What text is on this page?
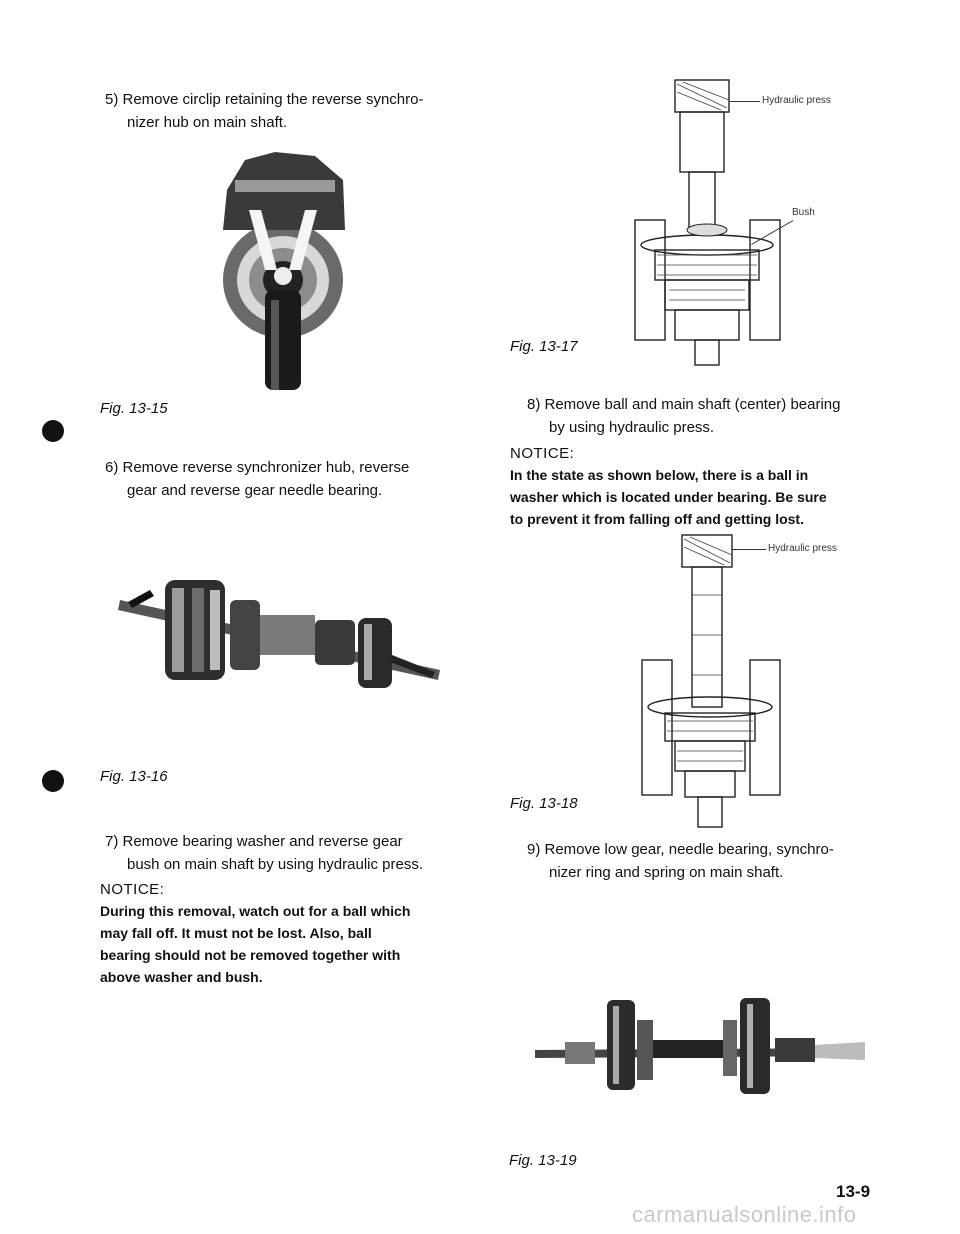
5) Remove circlip retaining the reverse synchro-
nizer hub on main shaft.
Fig. 13-15
6) Remove reverse synchronizer hub, reverse
gear and reverse gear needle bearing.
Fig. 13-16
7) Remove bearing washer and reverse gear
bush on main shaft by using hydraulic press.
NOTICE:
During this removal, watch out for a ball which
may fall off. It must not be lost. Also, ball
bearing should not be removed together with
above washer and bush.
Hydraulic press
Bush
Fig. 13-17
8) Remove ball and main shaft (center) bearing
by using hydraulic press.
NOTICE:
In the state as shown below, there is a ball in
washer which is located under bearing. Be sure
to prevent it from falling off and getting lost.
Hydraulic press
Fig. 13-18
9) Remove low gear, needle bearing, synchro-
nizer ring and spring on main shaft.
Fig. 13-19
13-9
carmanualsonline.info
